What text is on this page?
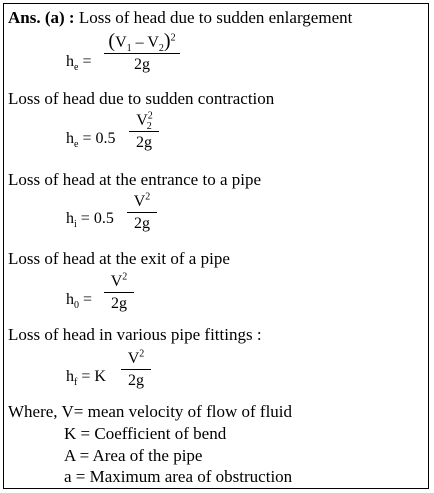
Ans. (a) : Loss of head due to sudden enlargement
$h_e$ =
$(V_1 - V_2)^2$
2g
Loss of head due to sudden contraction
$h_e = 0.5$
$V^2_2$
2g
Loss of head at the entrance to a pipe
$h_i = 0.5$
$V^2$
2g
Loss of head at the exit of a pipe
$h_0$ =
$V^2$
2g
Loss of head in various pipe fittings :
$h_f = K$
$V^2$
2g
Where, V= mean velocity of flow of fluid
K = Coefficient of bend
A = Area of the pipe
a = Maximum area of obstruction
